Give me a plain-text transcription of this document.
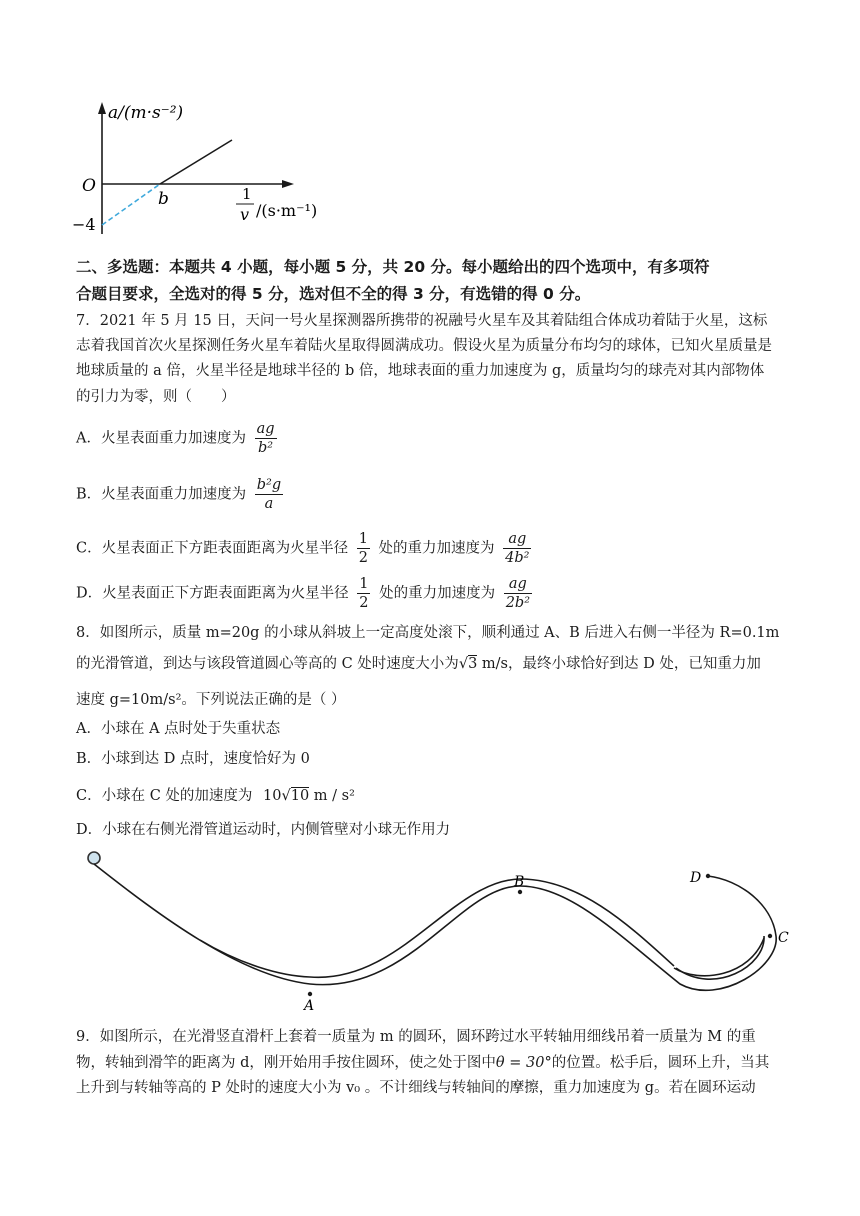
a/(m·s⁻²)
O
b
−4
1
v /(s·m⁻¹)
二、多选题：本题共 4 小题，每小题 5 分，共 20 分。每小题给出的四个选项中，有多项符
合题目要求，全选对的得 5 分，选对但不全的得 3 分，有选错的得 0 分。
7．2021 年 5 月 15 日，天问一号火星探测器所携带的祝融号火星车及其着陆组合体成功着陆于火星，这标
志着我国首次火星探测任务火星车着陆火星取得圆满成功。假设火星为质量分布均匀的球体，已知火星质量是
地球质量的 a 倍，火星半径是地球半径的 b 倍，地球表面的重力加速度为 g，质量均匀的球壳对其内部物体
的引力为零，则（　　）
A．火星表面重力加速度为 $\frac{ag}{\text{b²}}$
B．火星表面重力加速度为 $\frac{\text{b²g}}{a}$
C．火星表面正下方距表面距离为火星半径 $\frac{1}{2}$ 处的重力加速度为 $\frac{ag}{\text{4b²}}$
D．火星表面正下方距表面距离为火星半径 $\frac{1}{2}$ 处的重力加速度为 $\frac{ag}{\text{2b²}}$
8．如图所示，质量 m=20g 的小球从斜坡上一定高度处滚下，顺利通过 A、B 后进入右侧一半径为 R=0.1m
的光滑管道，到达与该段管道圆心等高的 C 处时速度大小为√3 m/s，最终小球恰好到达 D 处，已知重力加
速度 g=10m/s²。下列说法正确的是（ ）
A．小球在 A 点时处于失重状态
B．小球到达 D 点时，速度恰好为 0
C．小球在 C 处的加速度为 10√10 m / s²
D．小球在右侧光滑管道运动时，内侧管壁对小球无作用力
A
B
C
D
9．如图所示，在光滑竖直滑杆上套着一质量为 m 的圆环，圆环跨过水平转轴用细线吊着一质量为 M 的重
物，转轴到滑竿的距离为 d，刚开始用手按住圆环，使之处于图中θ = 30°的位置。松手后，圆环上升，当其
上升到与转轴等高的 P 处时的速度大小为 v₀ 。不计细线与转轴间的摩擦，重力加速度为 g。若在圆环运动
